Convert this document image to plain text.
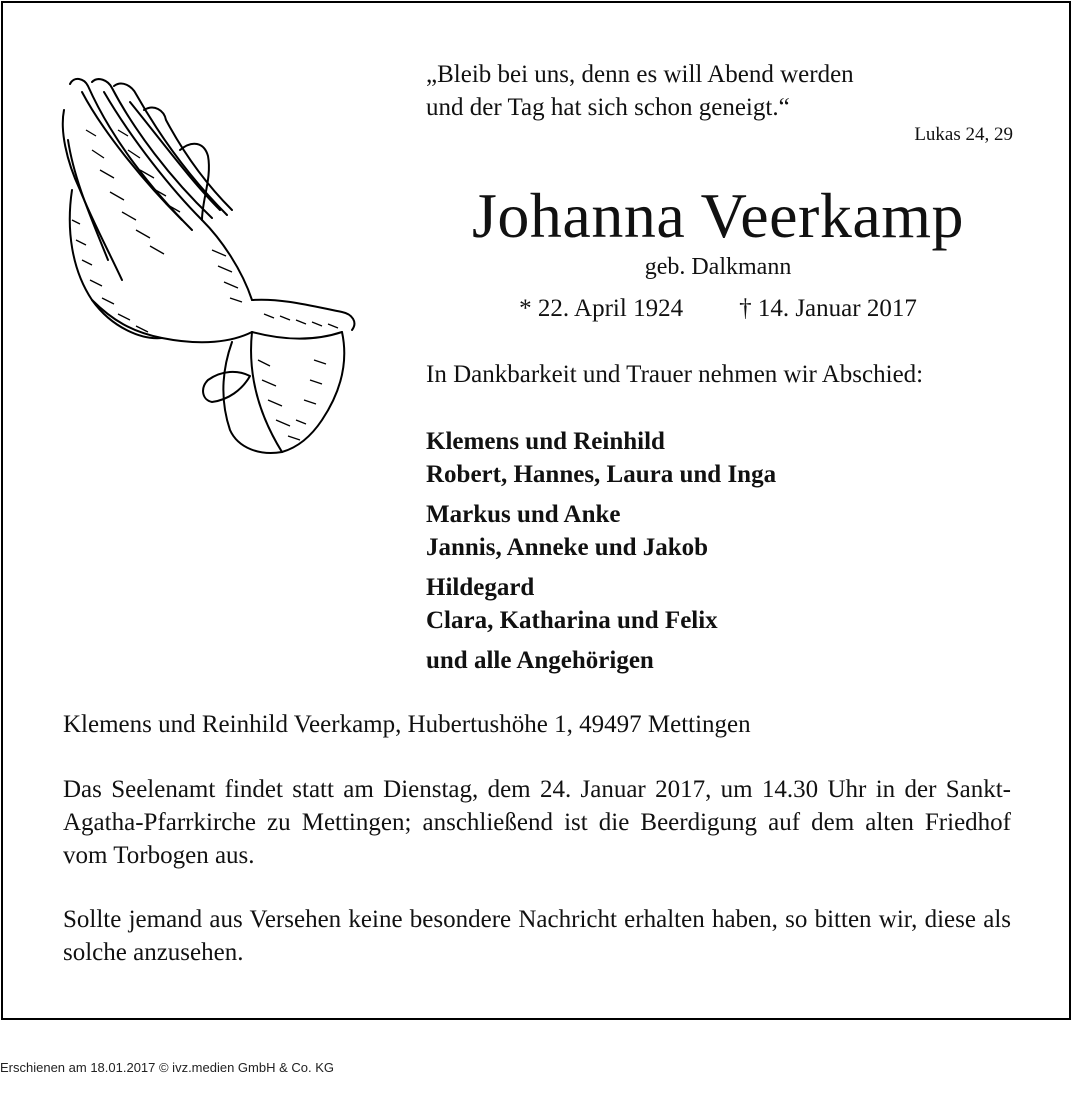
„Bleib bei uns, denn es will Abend werden
und der Tag hat sich schon geneigt.“
Lukas 24, 29
Johanna Veerkamp
geb. Dalkmann
* 22. April 1924 † 14. Januar 2017
In Dankbarkeit und Trauer nehmen wir Abschied:
Klemens und Reinhild
Robert, Hannes, Laura und Inga
Markus und Anke
Jannis, Anneke und Jakob
Hildegard
Clara, Katharina und Felix
und alle Angehörigen
Klemens und Reinhild Veerkamp, Hubertushöhe 1, 49497 Mettingen
Das Seelenamt findet statt am Dienstag, dem 24. Januar 2017, um 14.30 Uhr in der Sankt-Agatha-Pfarrkirche zu Mettingen; anschließend ist die Beerdigung auf dem alten Friedhof vom Torbogen aus.
Sollte jemand aus Versehen keine besondere Nachricht erhalten haben, so bitten wir, diese als solche anzusehen.
Erschienen am 18.01.2017 © ivz.medien GmbH & Co. KG
